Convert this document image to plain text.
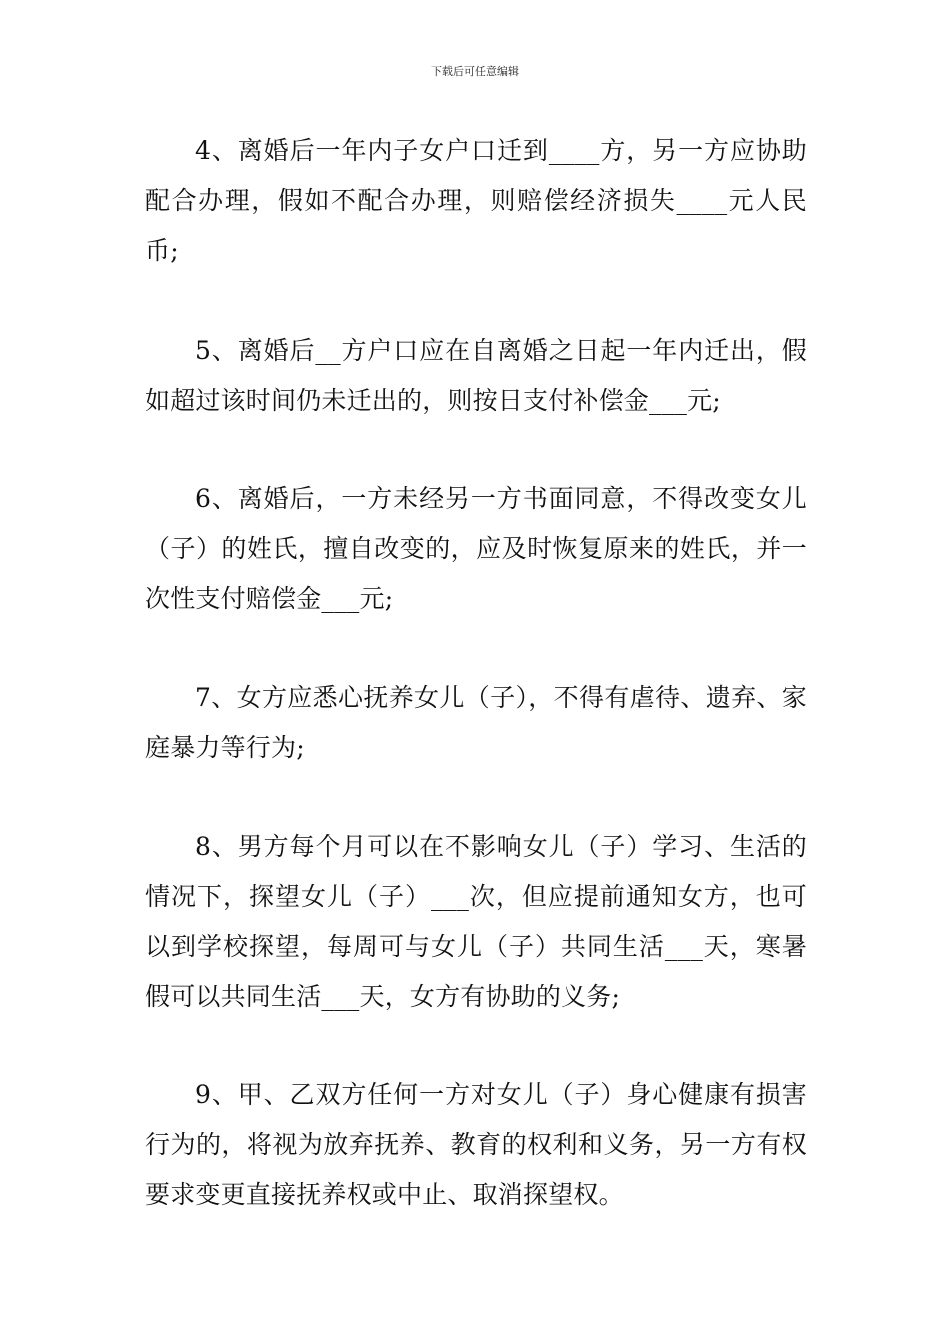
下载后可任意编辑

4、离婚后一年内子女户口迁到____方，另一方应协助配合办理，假如不配合办理，则赔偿经济损失____元人民币;

5、离婚后__方户口应在自离婚之日起一年内迁出，假如超过该时间仍未迁出的，则按日支付补偿金___元;

6、离婚后，一方未经另一方书面同意，不得改变女儿（子）的姓氏，擅自改变的，应及时恢复原来的姓氏，并一次性支付赔偿金___元;

7、女方应悉心抚养女儿（子），不得有虐待、遗弃、家庭暴力等行为;

8、男方每个月可以在不影响女儿（子）学习、生活的情况下，探望女儿（子）___次，但应提前通知女方，也可以到学校探望，每周可与女儿（子）共同生活___天，寒暑假可以共同生活___天，女方有协助的义务;

9、甲、乙双方任何一方对女儿（子）身心健康有损害行为的，将视为放弃抚养、教育的权利和义务，另一方有权要求变更直接抚养权或中止、取消探望权。
